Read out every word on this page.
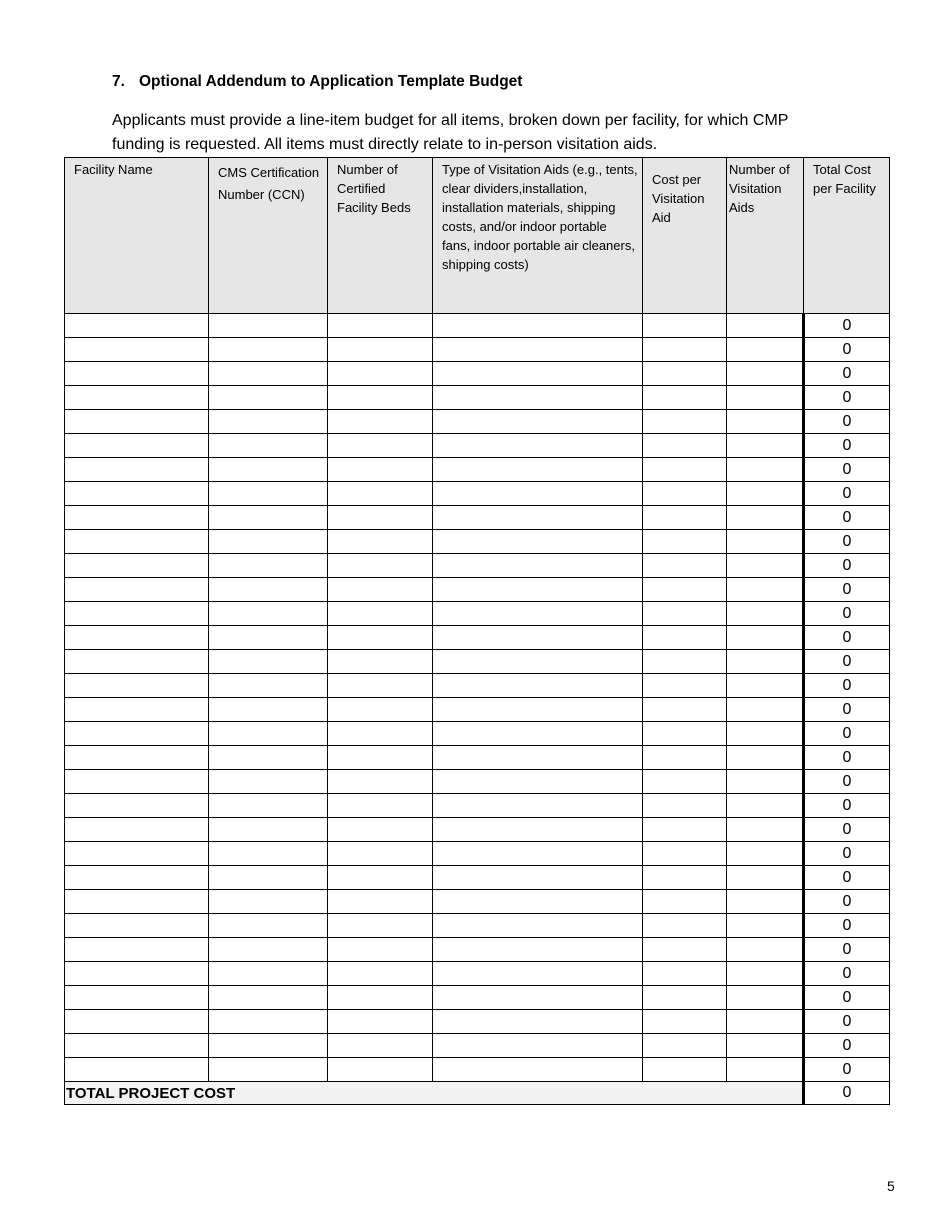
7. Optional Addendum to Application Template Budget
Applicants must provide a line-item budget for all items, broken down per facility, for which CMP funding is requested. All items must directly relate to in-person visitation aids.
Facility Name	CMS Certification Number (CCN)	Number of Certified Facility Beds	Type of Visitation Aids (e.g., tents, clear dividers,installation, installation materials, shipping costs, and/or indoor portable fans, indoor portable air cleaners, shipping costs)	Cost per Visitation Aid	Number of Visitation Aids	Total Cost per Facility
						0
						0
						0
						0
						0
						0
						0
						0
						0
						0
						0
						0
						0
						0
						0
						0
						0
						0
						0
						0
						0
						0
						0
						0
						0
						0
						0
						0
						0
						0
						0
						0
TOTAL PROJECT COST						0
5
